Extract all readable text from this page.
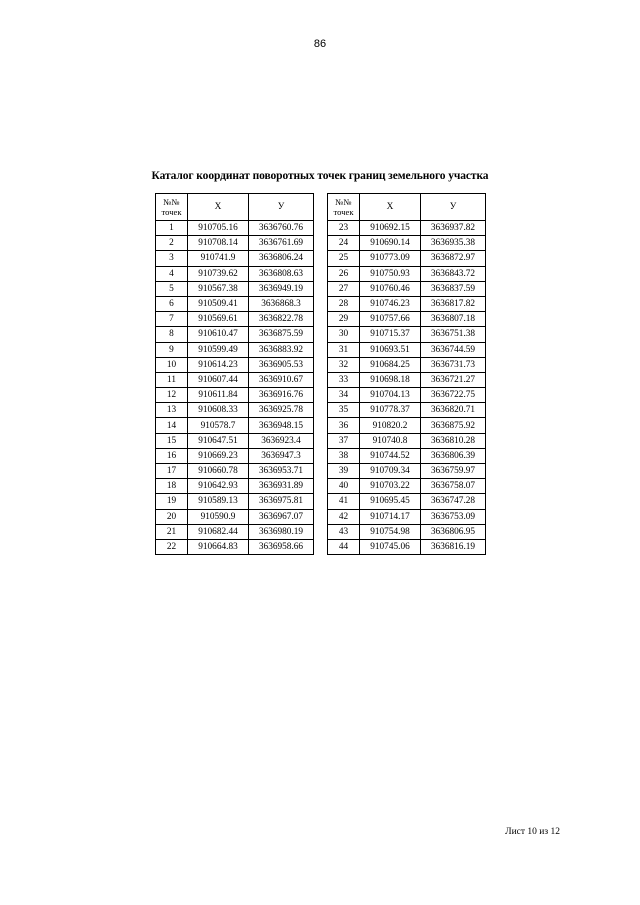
86
Каталог координат поворотных точек границ земельного участка
№№
точек	Х	У
1	910705.16	3636760.76
2	910708.14	3636761.69
3	910741.9	3636806.24
4	910739.62	3636808.63
5	910567.38	3636949.19
6	910509.41	3636868.3
7	910569.61	3636822.78
8	910610.47	3636875.59
9	910599.49	3636883.92
10	910614.23	3636905.53
11	910607.44	3636910.67
12	910611.84	3636916.76
13	910608.33	3636925.78
14	910578.7	3636948.15
15	910647.51	3636923.4
16	910669.23	3636947.3
17	910660.78	3636953.71
18	910642.93	3636931.89
19	910589.13	3636975.81
20	910590.9	3636967.07
21	910682.44	3636980.19
22	910664.83	3636958.66
№№
точек	Х	У
23	910692.15	3636937.82
24	910690.14	3636935.38
25	910773.09	3636872.97
26	910750.93	3636843.72
27	910760.46	3636837.59
28	910746.23	3636817.82
29	910757.66	3636807.18
30	910715.37	3636751.38
31	910693.51	3636744.59
32	910684.25	3636731.73
33	910698.18	3636721.27
34	910704.13	3636722.75
35	910778.37	3636820.71
36	910820.2	3636875.92
37	910740.8	3636810.28
38	910744.52	3636806.39
39	910709.34	3636759.97
40	910703.22	3636758.07
41	910695.45	3636747.28
42	910714.17	3636753.09
43	910754.98	3636806.95
44	910745.06	3636816.19
Лист 10 из 12
